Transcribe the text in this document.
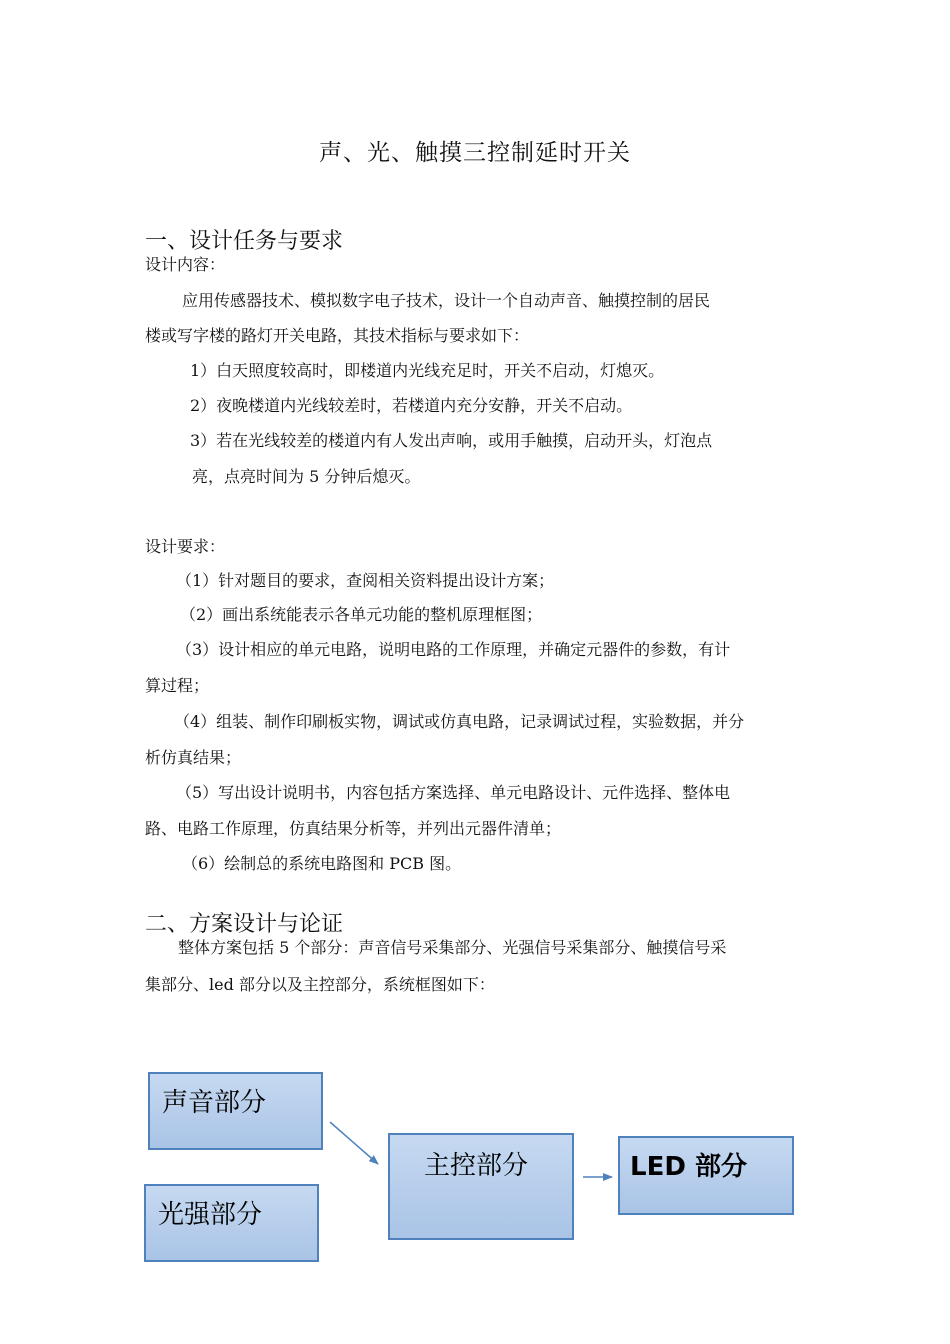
声、光、触摸三控制延时开关
一、设计任务与要求
设计内容：
应用传感器技术、模拟数字电子技术，设计一个自动声音、触摸控制的居民
楼或写字楼的路灯开关电路，其技术指标与要求如下：
1）白天照度较高时，即楼道内光线充足时，开关不启动，灯熄灭。
2）夜晚楼道内光线较差时，若楼道内充分安静，开关不启动。
3）若在光线较差的楼道内有人发出声响，或用手触摸，启动开头，灯泡点
亮，点亮时间为 5 分钟后熄灭。
设计要求：
（1）针对题目的要求，查阅相关资料提出设计方案；
（2）画出系统能表示各单元功能的整机原理框图；
（3）设计相应的单元电路，说明电路的工作原理，并确定元器件的参数，有计
算过程；
（4）组装、制作印刷板实物，调试或仿真电路，记录调试过程，实验数据，并分
析仿真结果；
（5）写出设计说明书，内容包括方案选择、单元电路设计、元件选择、整体电
路、电路工作原理，仿真结果分析等，并列出元器件清单；
（6）绘制总的系统电路图和 PCB 图。
二、方案设计与论证
整体方案包括 5 个部分：声音信号采集部分、光强信号采集部分、触摸信号采
集部分、led 部分以及主控部分，系统框图如下：
声音部分
光强部分
主控部分	LED 部分
